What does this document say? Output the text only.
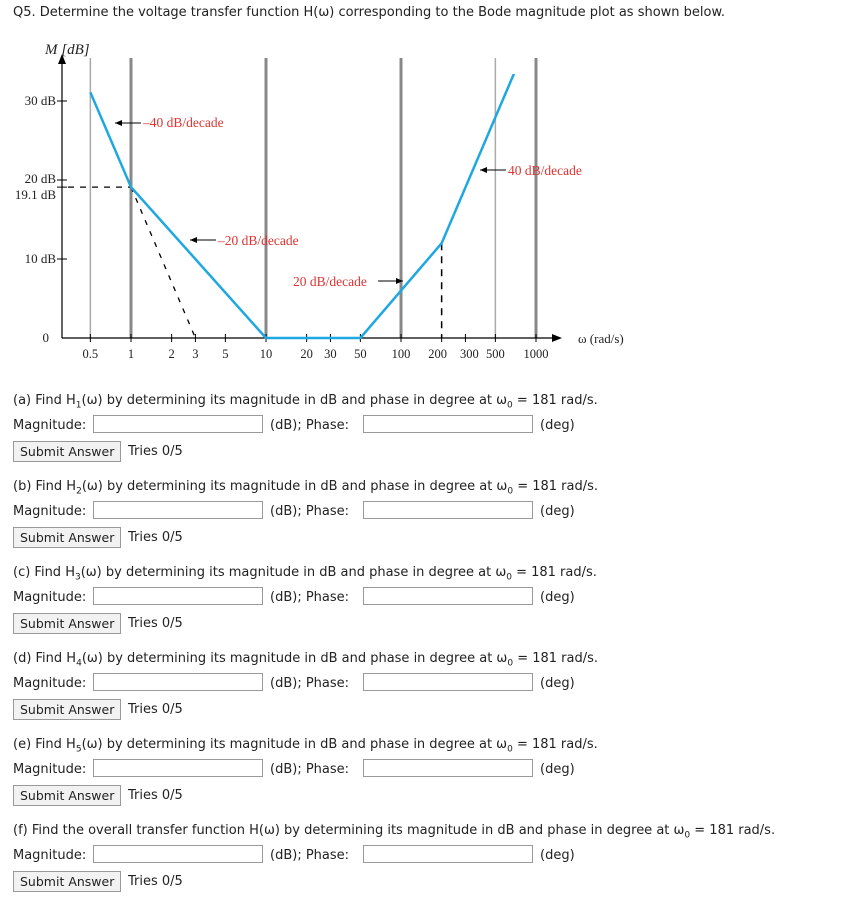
Q5. Determine the voltage transfer function H(ω) corresponding to the Bode magnitude plot as shown below.
0.5 1	2 3 5	10 20 30 50 100 200 300 500 1000
0
10 dB
19.1 dB
20 dB
30 dB
M [dB]
ω (rad/s)
–40 dB/decade
–20 dB/decade
20 dB/decade
40 dB/decade
(a) Find $H_1(\omega)$ by determining its magnitude in dB and phase in degree at $\omega_0 = 181$ rad/s.
Magnitude:	(dB); Phase:	(deg)
Submit Answer	Tries 0/5
(b) Find $H_2(\omega)$ by determining its magnitude in dB and phase in degree at $\omega_0 = 181$ rad/s.
Magnitude:	(dB); Phase:	(deg)
Submit Answer	Tries 0/5
(c) Find $H_3(\omega)$ by determining its magnitude in dB and phase in degree at $\omega_0 = 181$ rad/s.
Magnitude:	(dB); Phase:	(deg)
Submit Answer	Tries 0/5
(d) Find $H_4(\omega)$ by determining its magnitude in dB and phase in degree at $\omega_0 = 181$ rad/s.
Magnitude:	(dB); Phase:	(deg)
Submit Answer	Tries 0/5
(e) Find $H_5(\omega)$ by determining its magnitude in dB and phase in degree at $\omega_0 = 181$ rad/s.
Magnitude:	(dB); Phase:	(deg)
Submit Answer	Tries 0/5
(f) Find the overall transfer function H(ω) by determining its magnitude in dB and phase in degree at $\omega_0 = 181$ rad/s.
Magnitude:	(dB); Phase:	(deg)
Submit Answer	Tries 0/5
